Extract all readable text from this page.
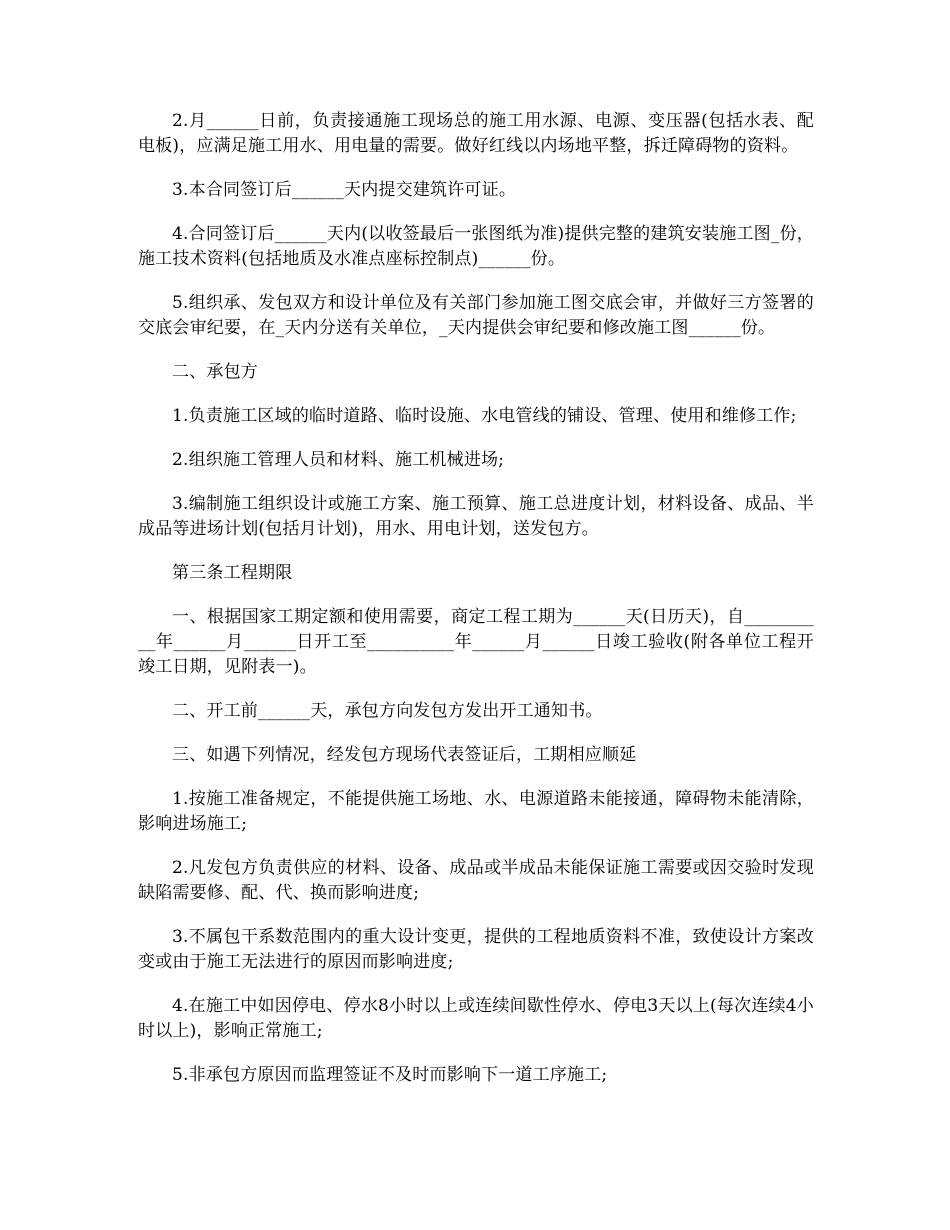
2.月______日前，负责接通施工现场总的施工用水源、电源、变压器(包括水表、配电板)，应满足施工用水、用电量的需要。做好红线以内场地平整，拆迁障碍物的资料。

3.本合同签订后______天内提交建筑许可证。

4.合同签订后______天内(以收签最后一张图纸为准)提供完整的建筑安装施工图_份，施工技术资料(包括地质及水准点座标控制点)______份。

5.组织承、发包双方和设计单位及有关部门参加施工图交底会审，并做好三方签署的交底会审纪要，在_天内分送有关单位，_天内提供会审纪要和修改施工图______份。

二、承包方

1.负责施工区域的临时道路、临时设施、水电管线的铺设、管理、使用和维修工作;

2.组织施工管理人员和材料、施工机械进场;

3.编制施工组织设计或施工方案、施工预算、施工总进度计划，材料设备、成品、半成品等进场计划(包括月计划)，用水、用电计划，送发包方。

第三条工程期限

一、根据国家工期定额和使用需要，商定工程工期为______天(日历天)，自__________年______月______日开工至__________年______月______日竣工验收(附各单位工程开竣工日期，见附表一)。

二、开工前______天，承包方向发包方发出开工通知书。

三、如遇下列情况，经发包方现场代表签证后，工期相应顺延

1.按施工准备规定，不能提供施工场地、水、电源道路未能接通，障碍物未能清除，影响进场施工;

2.凡发包方负责供应的材料、设备、成品或半成品未能保证施工需要或因交验时发现缺陷需要修、配、代、换而影响进度;

3.不属包干系数范围内的重大设计变更，提供的工程地质资料不准，致使设计方案改变或由于施工无法进行的原因而影响进度;

4.在施工中如因停电、停水8小时以上或连续间歇性停水、停电3天以上(每次连续4小时以上)，影响正常施工;

5.非承包方原因而监理签证不及时而影响下一道工序施工;
